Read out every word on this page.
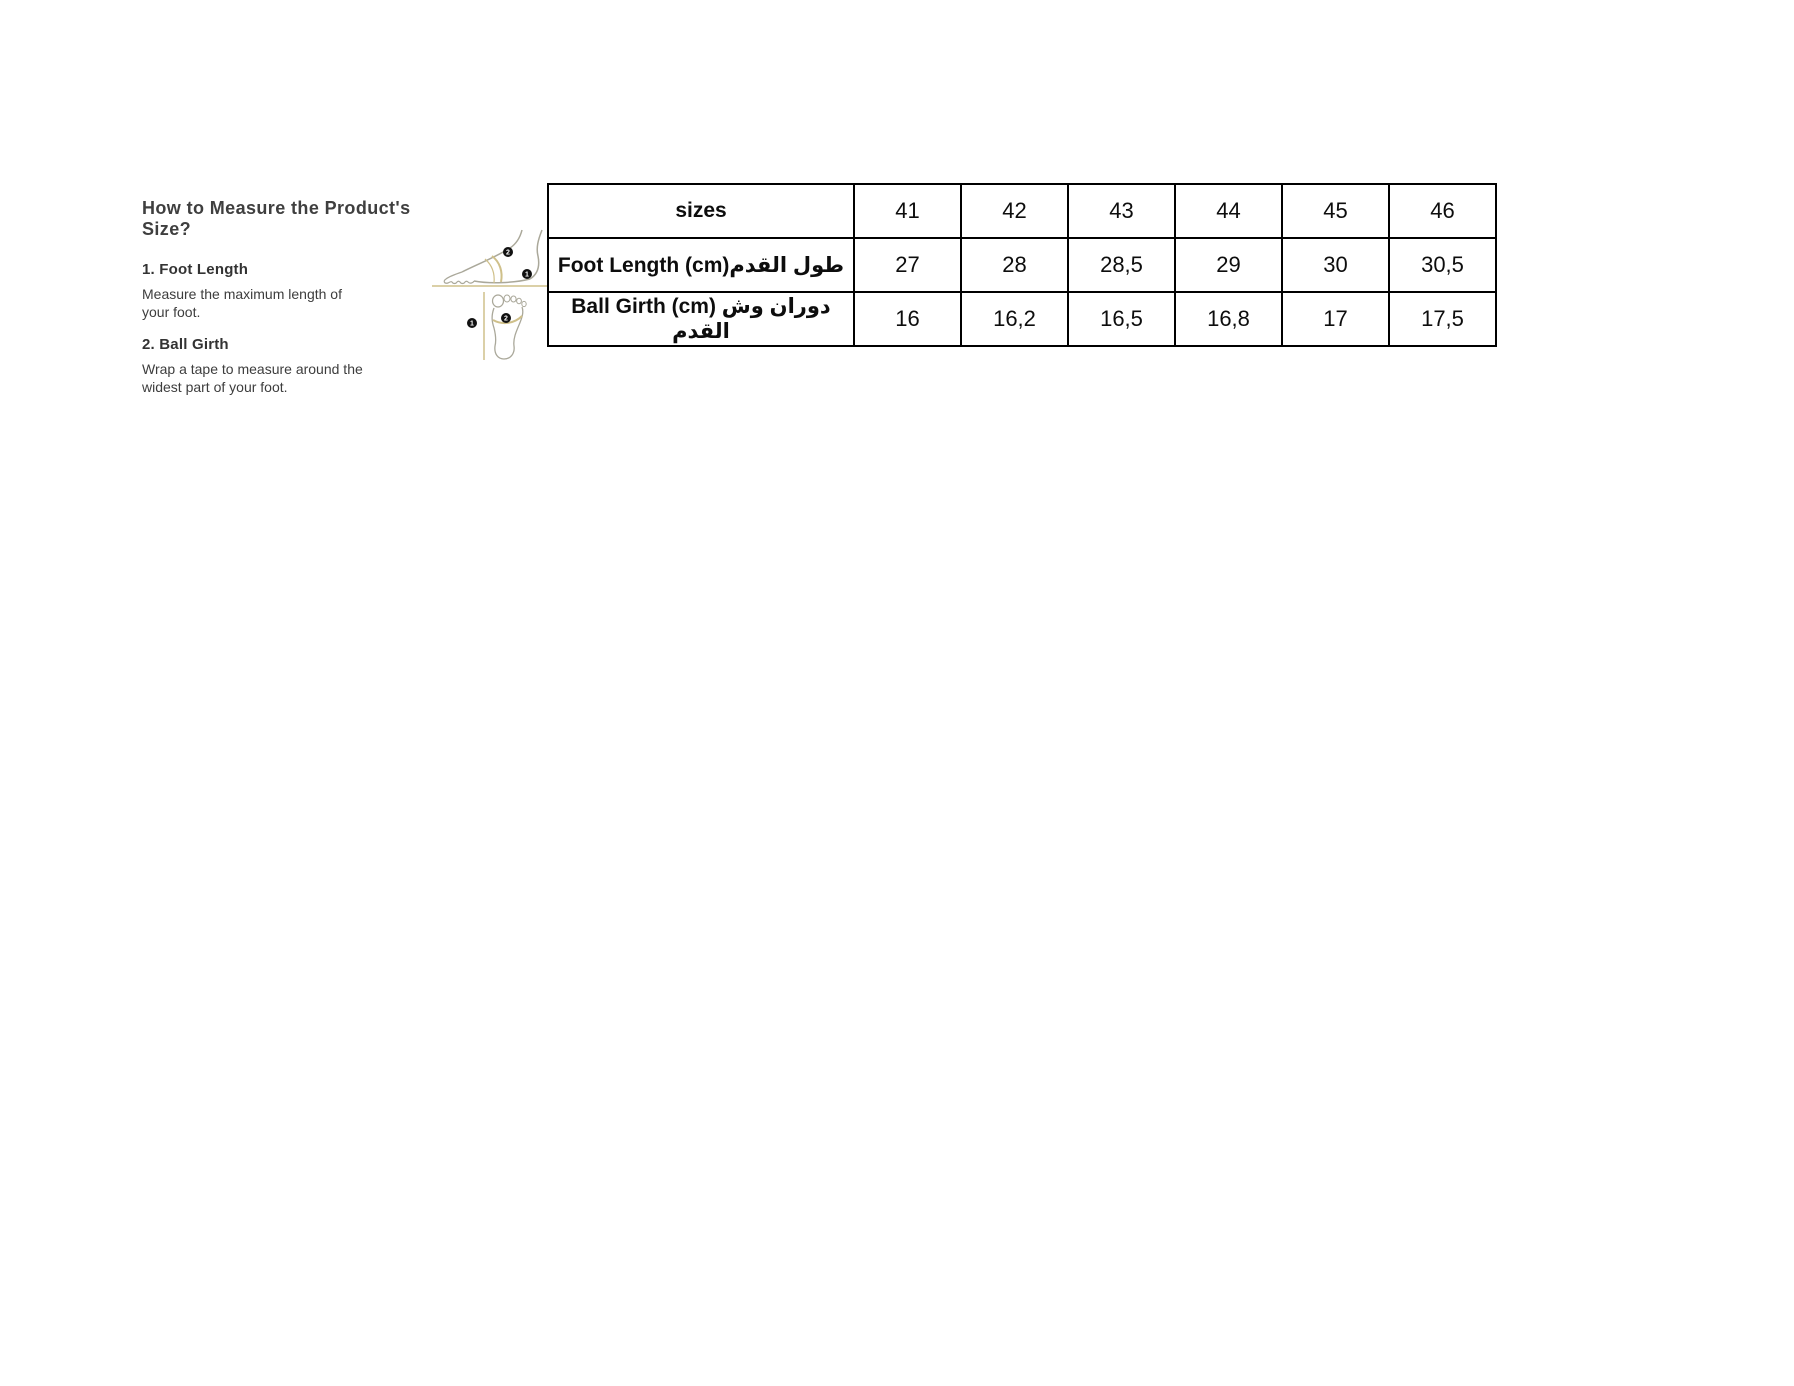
How to Measure the Product's Size?
1. Foot Length

Measure the maximum length of your foot.

2. Ball Girth

Wrap a tape to measure around the widest part of your foot.

2
1
1
2
sizes	41	42	43	44	45	46
Foot Length (cm)طول القدم	27	28	28,5	29	30	30,5
Ball Girth (cm) دوران وش القدم	16	16,2	16,5	16,8	17	17,5
